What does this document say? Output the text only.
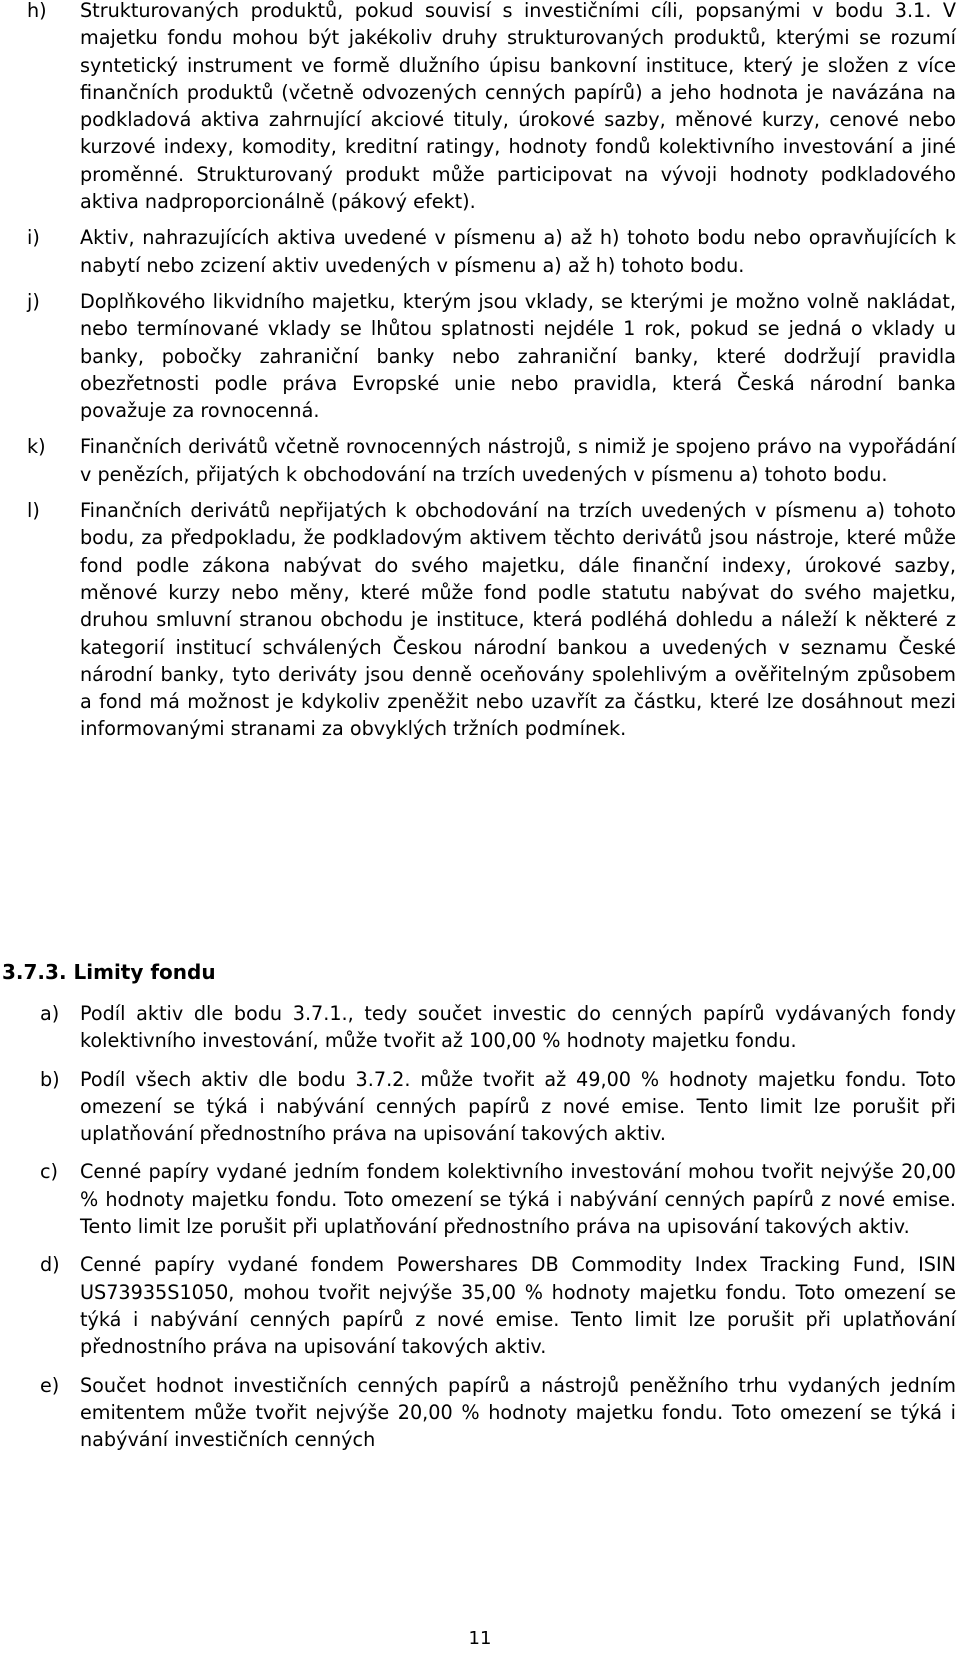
h) Strukturovaných produktů, pokud souvisí s investičními cíli, popsanými v bodu 3.1. V majetku fondu mohou být jakékoliv druhy strukturovaných produktů, kterými se rozumí syntetický instrument ve formě dlužního úpisu bankovní instituce, který je složen z více finančních produktů (včetně odvozených cenných papírů) a jeho hodnota je navázána na podkladová aktiva zahrnující akciové tituly, úrokové sazby, měnové kurzy, cenové nebo kurzové indexy, komodity, kreditní ratingy, hodnoty fondů kolektivního investování a jiné proměnné. Strukturovaný produkt může participovat na vývoji hodnoty podkladového aktiva nadproporcionálně (pákový efekt).
i) Aktiv, nahrazujících aktiva uvedené v písmenu a) až h) tohoto bodu nebo opravňujících k nabytí nebo zcizení aktiv uvedených v písmenu a) až h) tohoto bodu.
j) Doplňkového likvidního majetku, kterým jsou vklady, se kterými je možno volně nakládat, nebo termínované vklady se lhůtou splatnosti nejdéle 1 rok, pokud se jedná o vklady u banky, pobočky zahraniční banky nebo zahraniční banky, které dodržují pravidla obezřetnosti podle práva Evropské unie nebo pravidla, která Česká národní banka považuje za rovnocenná.
k) Finančních derivátů včetně rovnocenných nástrojů, s nimiž je spojeno právo na vypořádání v penězích, přijatých k obchodování na trzích uvedených v písmenu a) tohoto bodu.
l) Finančních derivátů nepřijatých k obchodování na trzích uvedených v písmenu a) tohoto bodu, za předpokladu, že podkladovým aktivem těchto derivátů jsou nástroje, které může fond podle zákona nabývat do svého majetku, dále finanční indexy, úrokové sazby, měnové kurzy nebo měny, které může fond podle statutu nabývat do svého majetku, druhou smluvní stranou obchodu je instituce, která podléhá dohledu a náleží k některé z kategorií institucí schválených Českou národní bankou a uvedených v seznamu České národní banky, tyto deriváty jsou denně oceňovány spolehlivým a ověřitelným způsobem a fond má možnost je kdykoliv zpeněžit nebo uzavřít za částku, které lze dosáhnout mezi informovanými stranami za obvyklých tržních podmínek.
3.7.3. Limity fondu
a) Podíl aktiv dle bodu 3.7.1., tedy součet investic do cenných papírů vydávaných fondy kolektivního investování, může tvořit až 100,00 % hodnoty majetku fondu.
b) Podíl všech aktiv dle bodu 3.7.2. může tvořit až 49,00 % hodnoty majetku fondu. Toto omezení se týká i nabývání cenných papírů z nové emise. Tento limit lze porušit při uplatňování přednostního práva na upisování takových aktiv.
c) Cenné papíry vydané jedním fondem kolektivního investování mohou tvořit nejvýše 20,00 % hodnoty majetku fondu. Toto omezení se týká i nabývání cenných papírů z nové emise. Tento limit lze porušit při uplatňování přednostního práva na upisování takových aktiv.
d) Cenné papíry vydané fondem Powershares DB Commodity Index Tracking Fund, ISIN US73935S1050, mohou tvořit nejvýše 35,00 % hodnoty majetku fondu. Toto omezení se týká i nabývání cenných papírů z nové emise. Tento limit lze porušit při uplatňování přednostního práva na upisování takových aktiv.
e) Součet hodnot investičních cenných papírů a nástrojů peněžního trhu vydaných jedním emitentem může tvořit nejvýše 20,00 % hodnoty majetku fondu. Toto omezení se týká i nabývání investičních cenných
11
